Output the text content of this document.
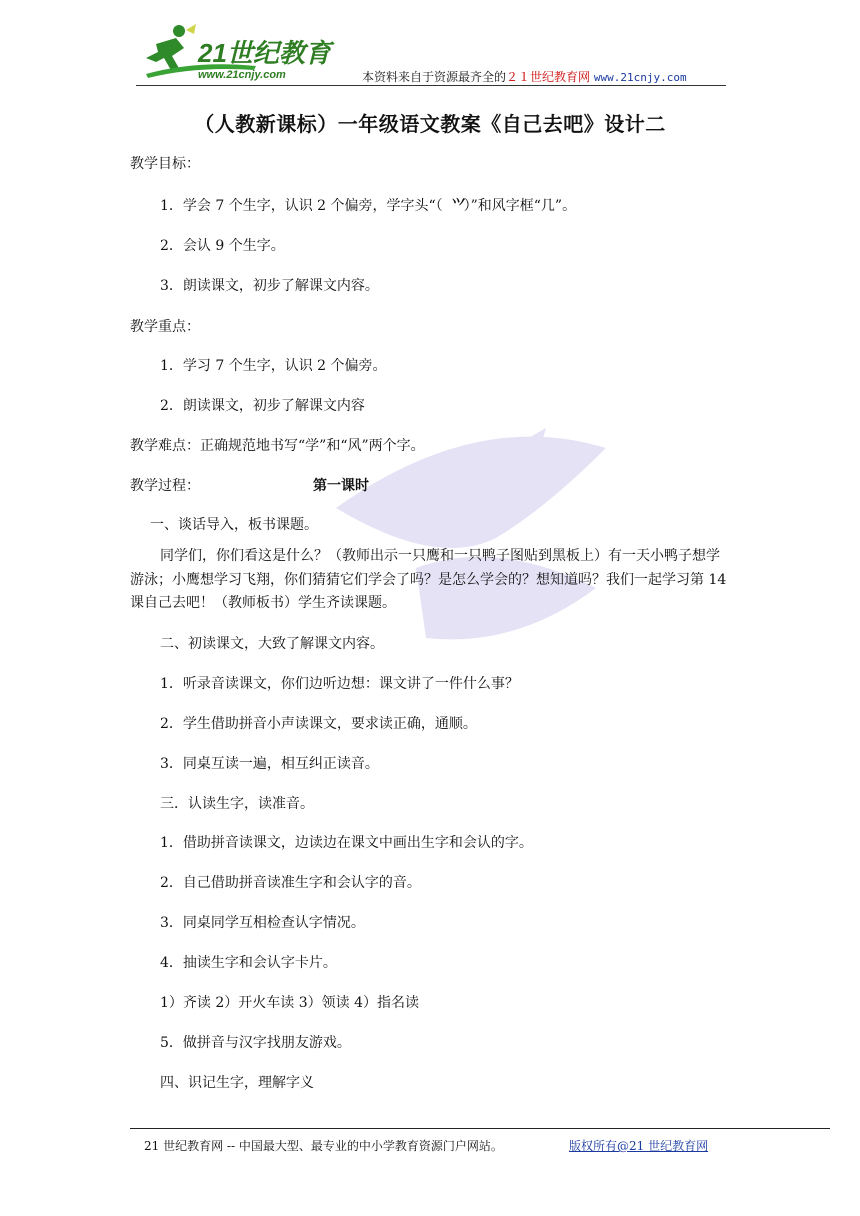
21世纪教育
www.21cnjy.com	本资料来自于资源最齐全的２１世纪教育网 www.21cnjy.com
（人教新课标）一年级语文教案《自己去吧》设计二
教学目标：
1．学会 7 个生字，认识 2 个偏旁，学字头“（ ⺍）”和风字框“几”。
2．会认 9 个生字。
3．朗读课文，初步了解课文内容。
教学重点：
1．学习 7 个生字，认识 2 个偏旁。
2．朗读课文，初步了解课文内容
教学难点：正确规范地书写“学”和“风”两个字。
教学过程：	第一课时
一、谈话导入，板书课题。
同学们，你们看这是什么？（教师出示一只鹰和一只鸭子图贴到黑板上）有一天小鸭子想学游泳；小鹰想学习飞翔，你们猜猜它们学会了吗？是怎么学会的？想知道吗？我们一起学习第 14 课自己去吧！（教师板书）学生齐读课题。
二、初读课文，大致了解课文内容。
1．听录音读课文，你们边听边想：课文讲了一件什么事？
2．学生借助拼音小声读课文，要求读正确，通顺。
3．同桌互读一遍，相互纠正读音。
三．认读生字，读准音。
1．借助拼音读课文，边读边在课文中画出生字和会认的字。
2．自己借助拼音读准生字和会认字的音。
3．同桌同学互相检查认字情况。
4．抽读生字和会认字卡片。
1）齐读 2）开火车读 3）领读 4）指名读
5．做拼音与汉字找朋友游戏。
四、识记生字，理解字义
21 世纪教育网 -- 中国最大型、最专业的中小学教育资源门户网站。	版权所有@21 世纪教育网
